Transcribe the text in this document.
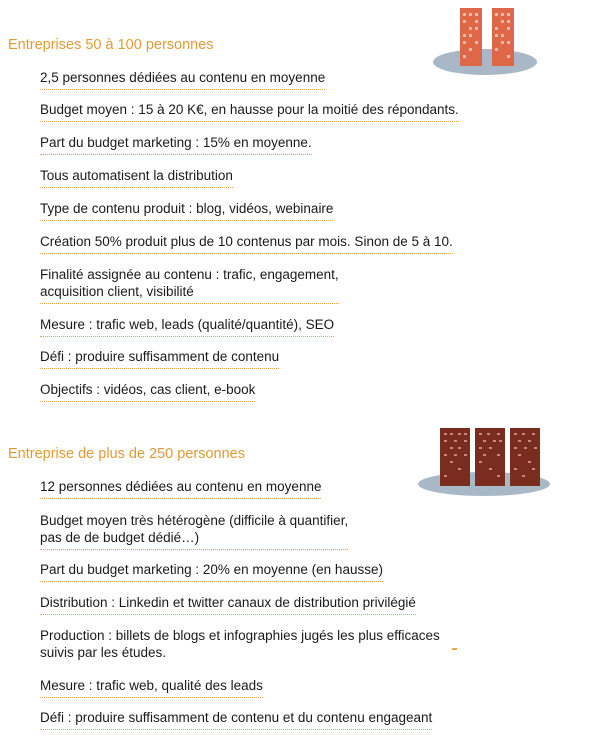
Entreprises 50 à 100 personnes
2,5 personnes dédiées au contenu en moyenne
Budget moyen : 15 à 20 K€, en hausse pour la moitié des répondants.
Part du budget marketing : 15% en moyenne.
Tous automatisent la distribution
Type de contenu produit : blog, vidéos, webinaire
Création 50% produit plus de 10 contenus par mois. Sinon de 5 à 10.
Finalité assignée au contenu : trafic, engagement,
acquisition client, visibilité
Mesure : trafic web, leads (qualité/quantité), SEO
Défi : produire suffisamment de contenu
Objectifs : vidéos, cas client, e-book
Entreprise de plus de 250 personnes
12 personnes dédiées au contenu en moyenne
Budget moyen très hétérogène (difficile à quantifier,
pas de de budget dédié…)
Part du budget marketing : 20% en moyenne (en hausse)
Distribution : Linkedin et twitter canaux de distribution privilégié
Production : billets de blogs et infographies jugés les plus efficaces
suivis par les études.
Mesure : trafic web, qualité des leads
Défi : produire suffisamment de contenu et du contenu engageant
